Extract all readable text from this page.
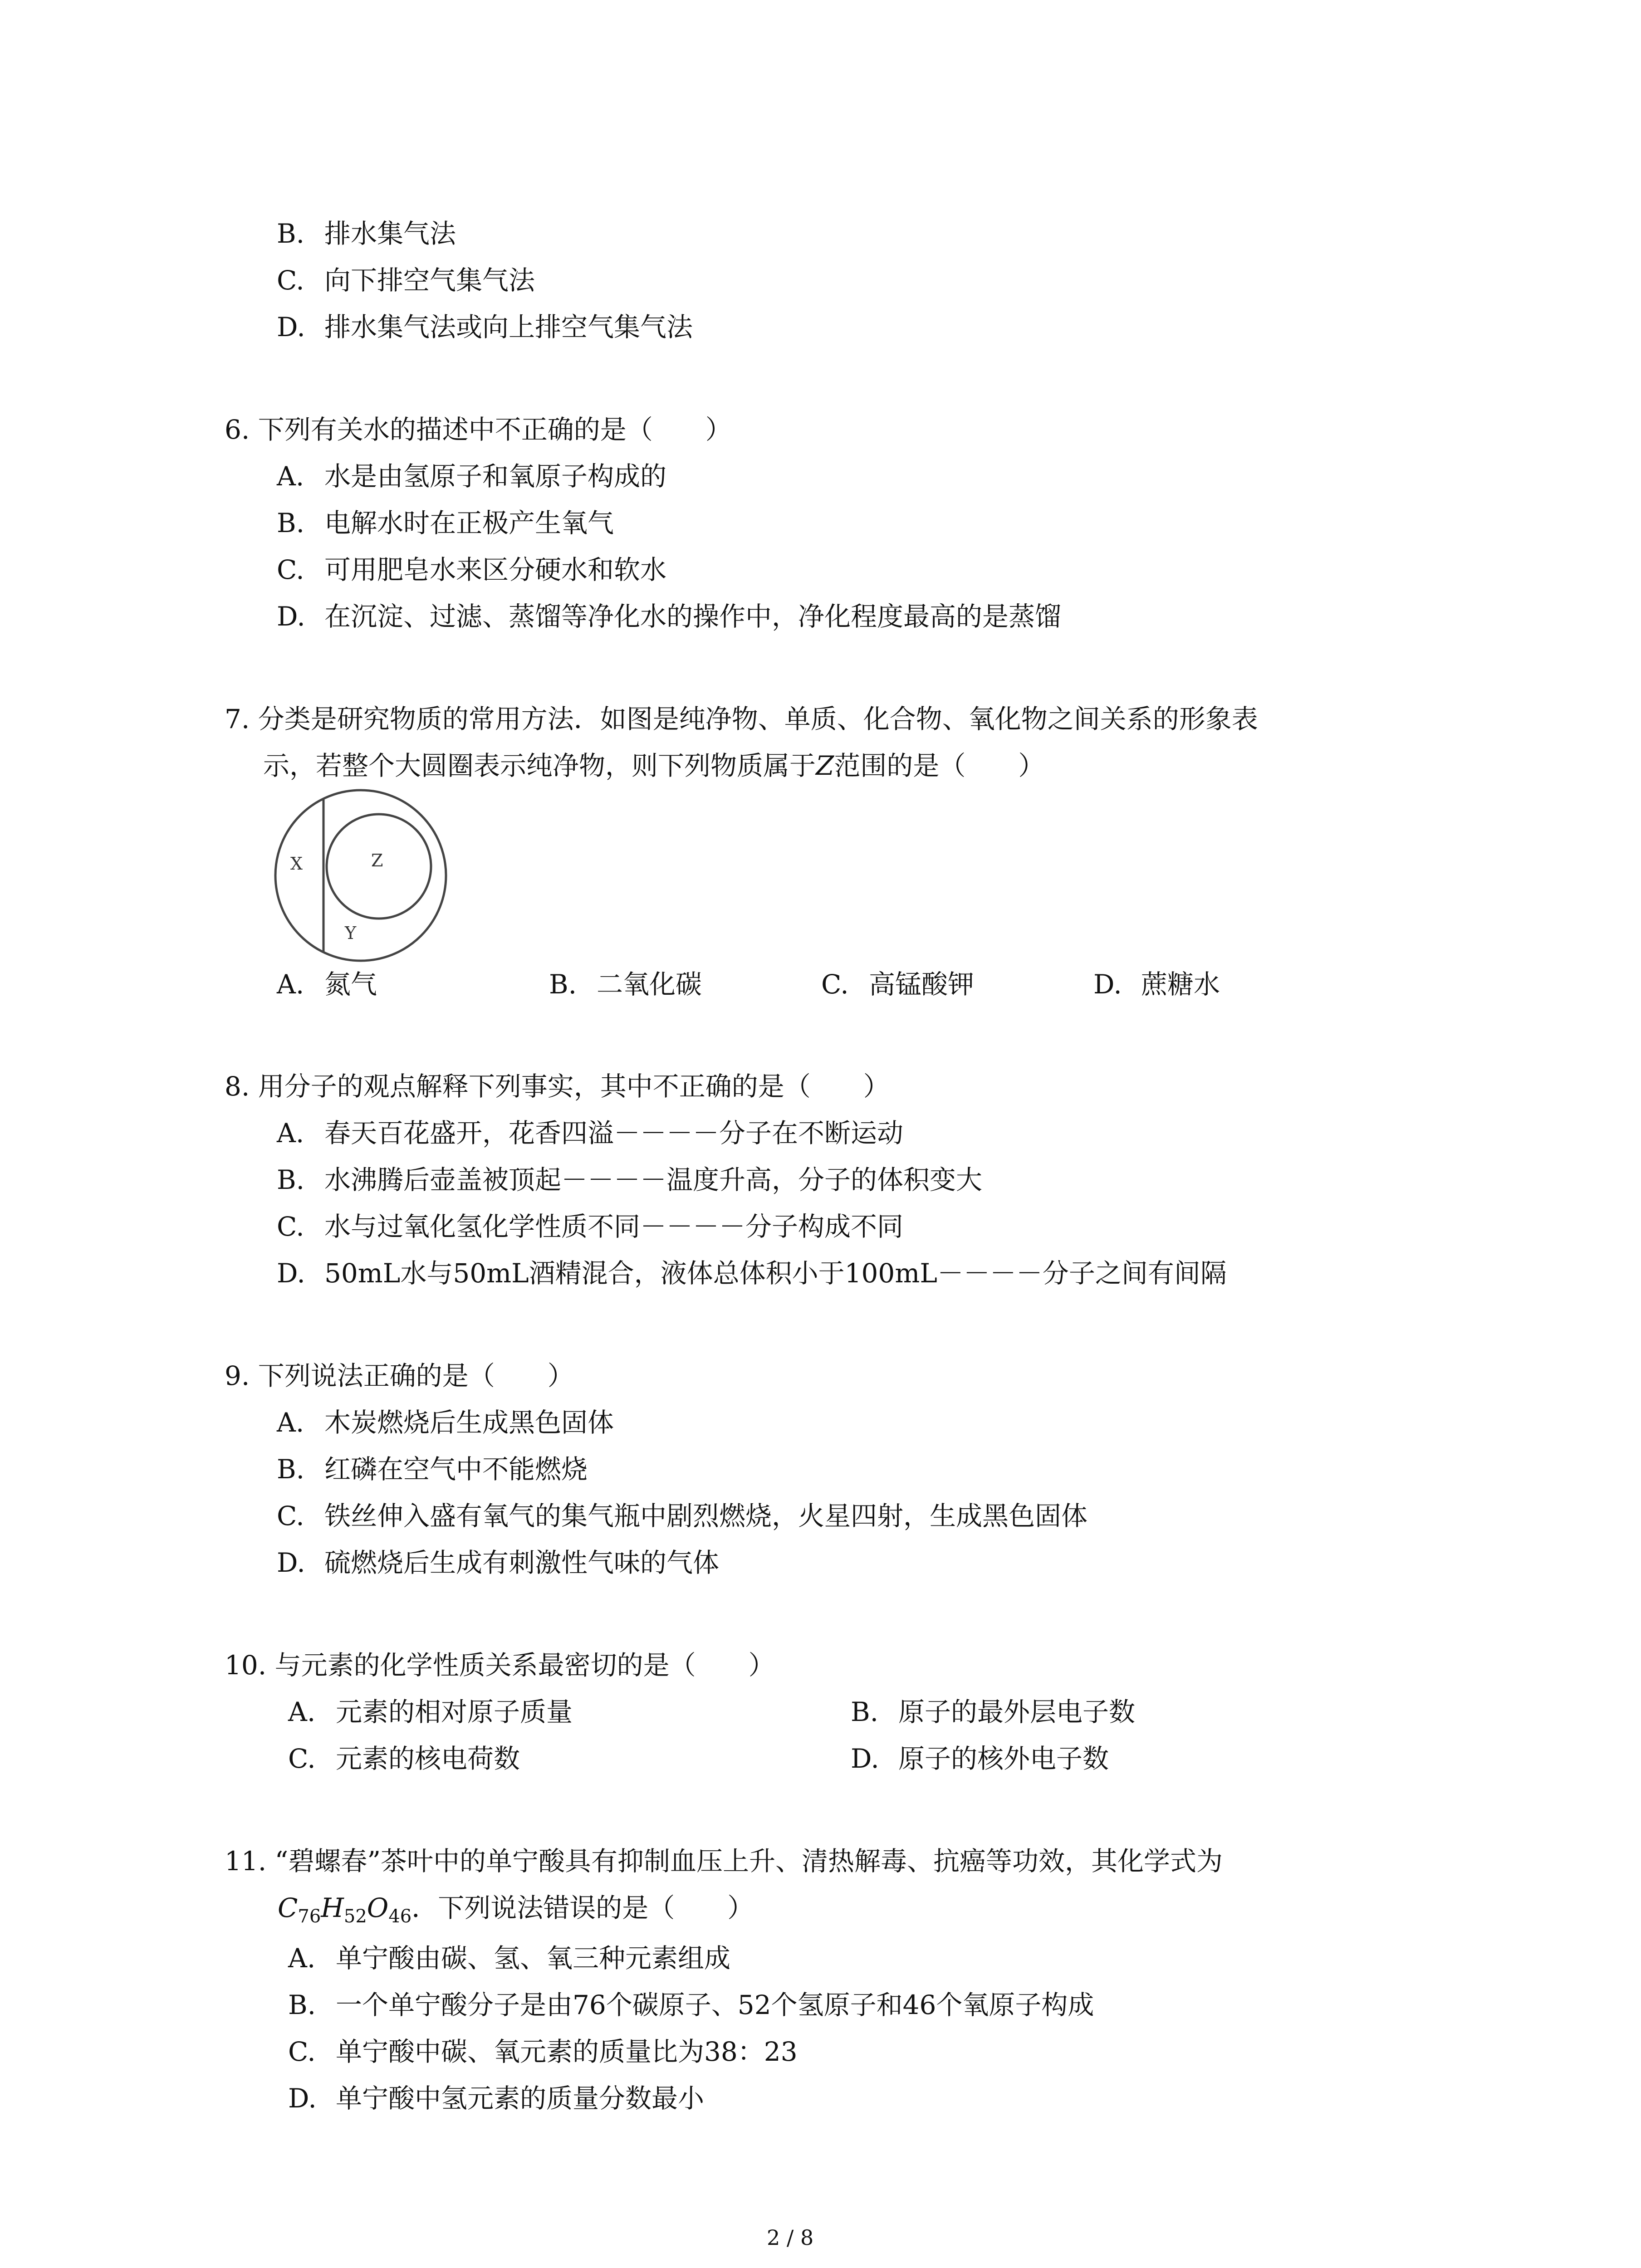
B. 排水集气法
C. 向下排空气集气法
D. 排水集气法或向上排空气集气法
6. 下列有关水的描述中不正确的是（　　）
A. 水是由氢原子和氧原子构成的
B. 电解水时在正极产生氧气
C. 可用肥皂水来区分硬水和软水
D. 在沉淀、过滤、蒸馏等净化水的操作中，净化程度最高的是蒸馏
7. 分类是研究物质的常用方法．如图是纯净物、单质、化合物、氧化物之间关系的形象表
示，若整个大圆圈表示纯净物，则下列物质属于Z范围的是（　　）
X	Z
Y
A. 氮气	B. 二氧化碳	C. 高锰酸钾	D. 蔗糖水
8. 用分子的观点解释下列事实，其中不正确的是（　　）
A. 春天百花盛开，花香四溢－－－－分子在不断运动
B. 水沸腾后壶盖被顶起－－－－温度升高，分子的体积变大
C. 水与过氧化氢化学性质不同－－－－分子构成不同
D. 50mL水与50mL酒精混合，液体总体积小于100mL－－－－分子之间有间隔
9. 下列说法正确的是（　　）
A. 木炭燃烧后生成黑色固体
B. 红磷在空气中不能燃烧
C. 铁丝伸入盛有氧气的集气瓶中剧烈燃烧，火星四射，生成黑色固体
D. 硫燃烧后生成有刺激性气味的气体
10. 与元素的化学性质关系最密切的是（　　）
A. 元素的相对原子质量	B. 原子的最外层电子数
C. 元素的核电荷数	D. 原子的核外电子数
11. “碧螺春”茶叶中的单宁酸具有抑制血压上升、清热解毒、抗癌等功效，其化学式为
$C_{76}H_{52}O_{46}$．下列说法错误的是（　　）
A. 单宁酸由碳、氢、氧三种元素组成
B. 一个单宁酸分子是由76个碳原子、52个氢原子和46个氧原子构成
C. 单宁酸中碳、氧元素的质量比为38：23
D. 单宁酸中氢元素的质量分数最小
2 / 8
